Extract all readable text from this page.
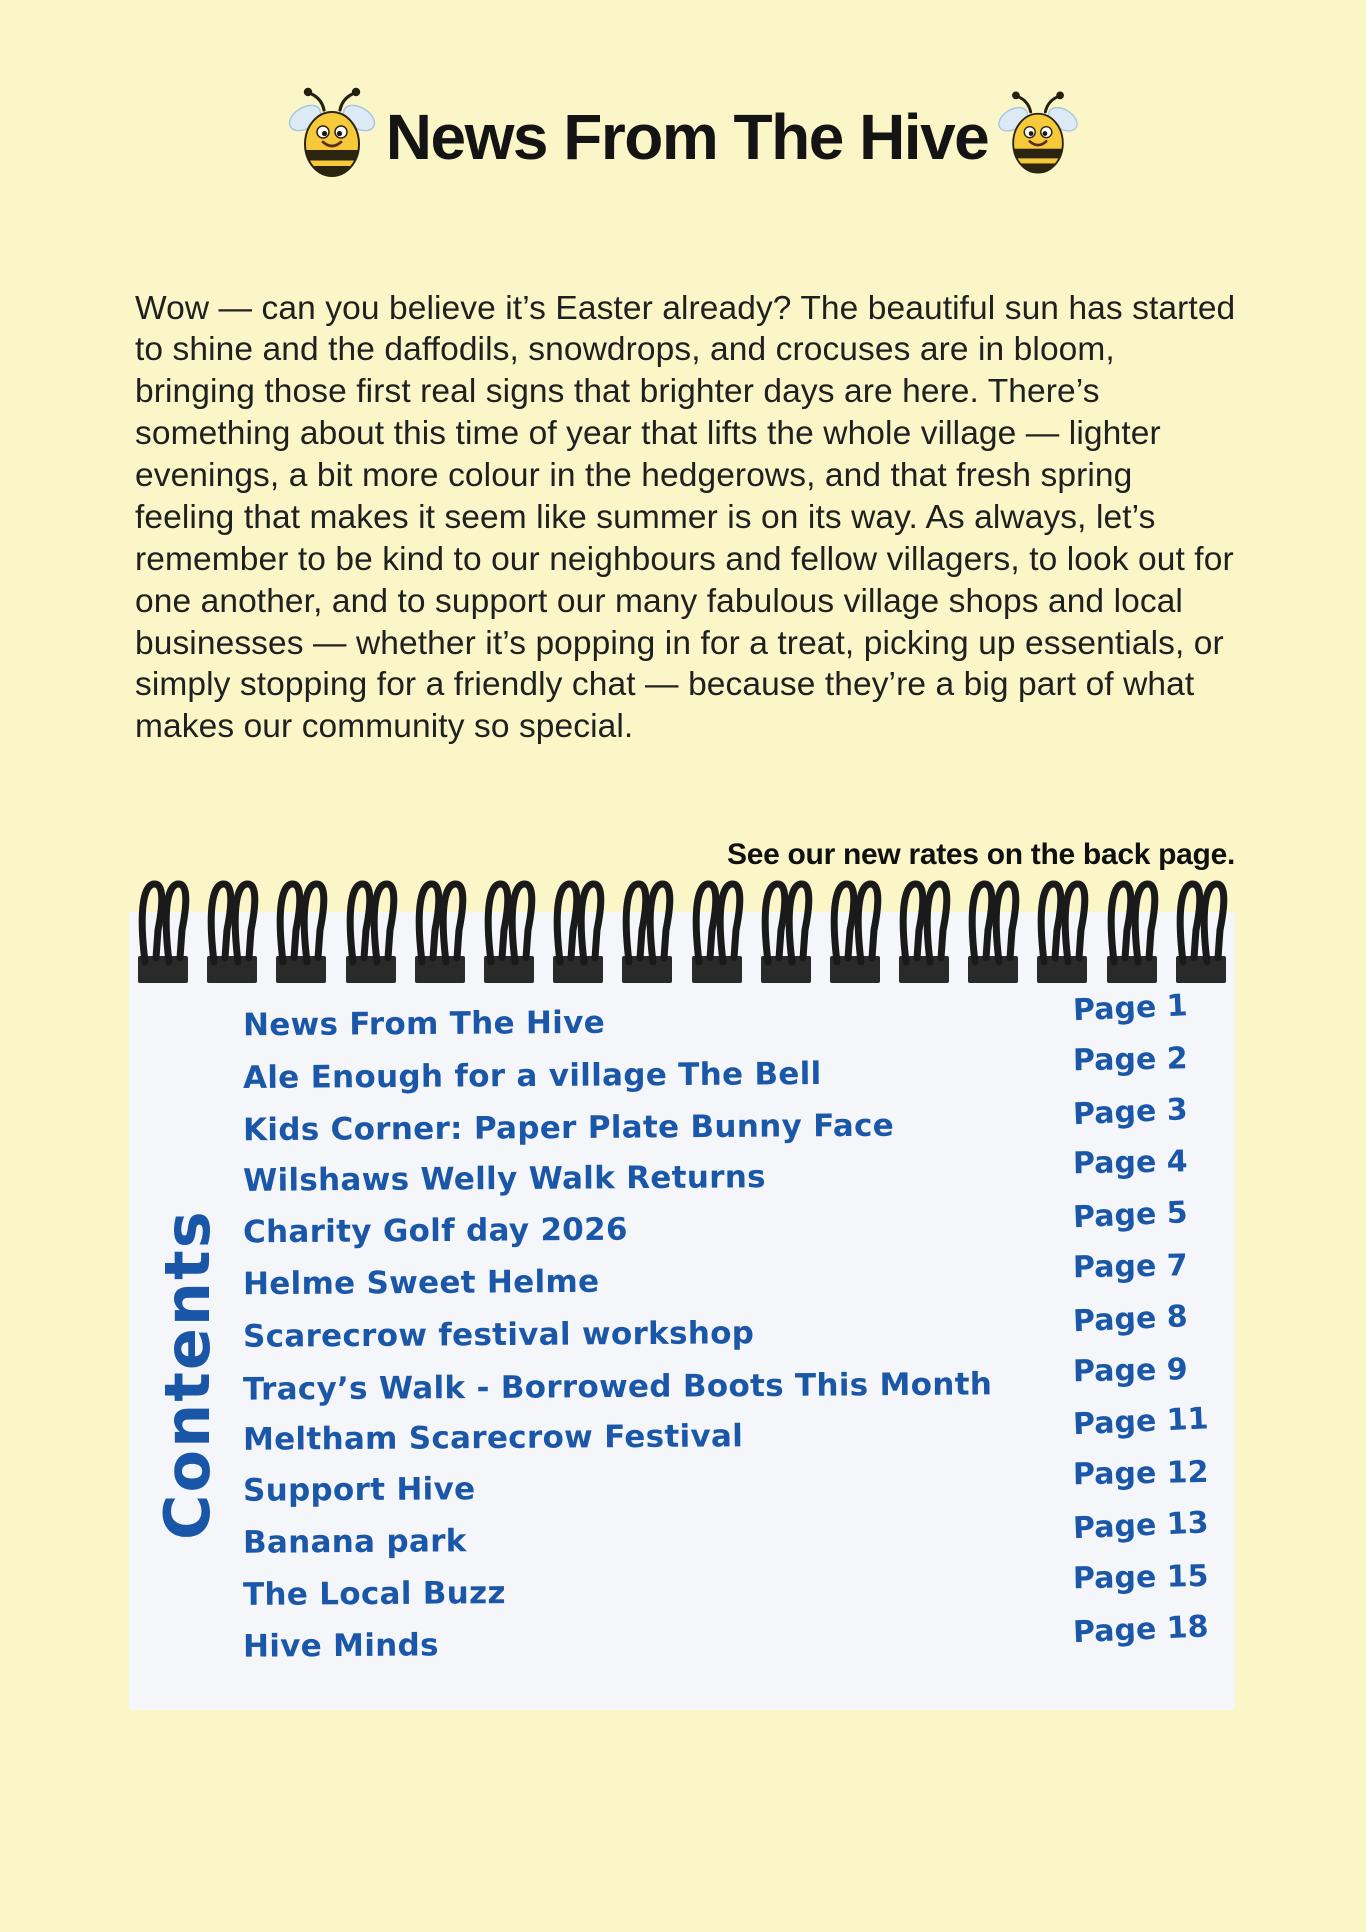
News From The Hive

Wow — can you believe it’s Easter already? The beautiful sun has started to shine and the daffodils, snowdrops, and crocuses are in bloom, bringing those first real signs that brighter days are here. There’s something about this time of year that lifts the whole village — lighter evenings, a bit more colour in the hedgerows, and that fresh spring feeling that makes it seem like summer is on its way. As always, let’s remember to be kind to our neighbours and fellow villagers, to look out for one another, and to support our many fabulous village shops and local businesses — whether it’s popping in for a treat, picking up essentials, or simply stopping for a friendly chat — because they’re a big part of what makes our community so special.

See our new rates on the back page.
Contents
News From The Hive	Page 1
Ale Enough for a village The Bell	Page 2
Kids Corner: Paper Plate Bunny Face	Page 3
Wilshaws Welly Walk Returns	Page 4
Charity Golf day 2026	Page 5
Helme Sweet Helme	Page 7
Scarecrow festival workshop	Page 8
Tracy’s Walk - Borrowed Boots This Month	Page 9
Meltham Scarecrow Festival	Page 11
Support Hive	Page 12
Banana park	Page 13
The Local Buzz	Page 15
Hive Minds	Page 18
